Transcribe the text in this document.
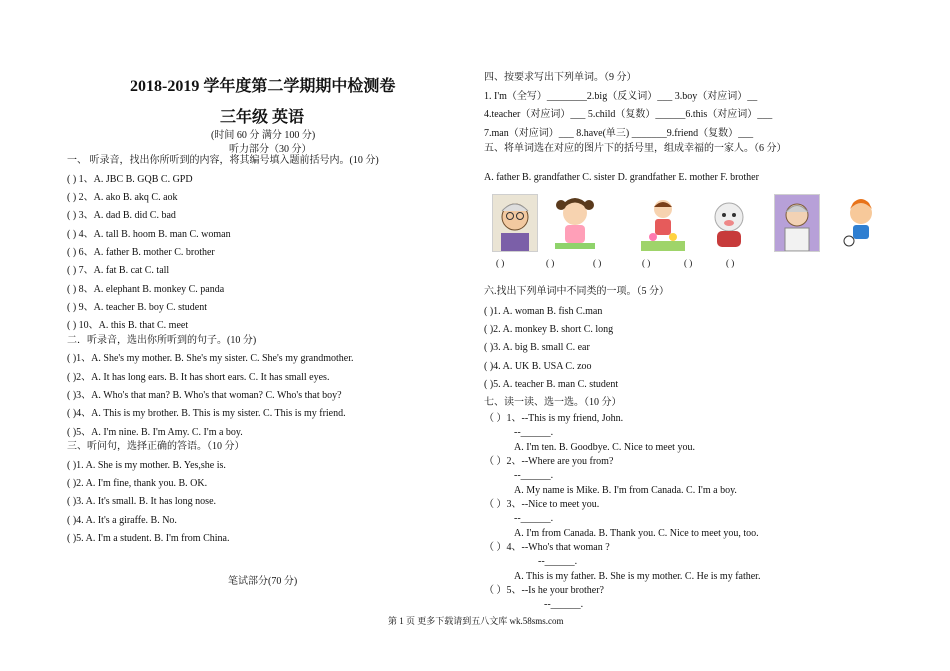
2018-2019 学年度第二学期期中检测卷
三年级 英语
(时间 60 分 满分 100 分)
听力部分（30 分）
一、 听录音，找出你所听到的内容，将其编号填入题前括号内。(10 分)
( ) 1、A. JBC B. GQB C. GPD
( ) 2、A. ako B. akq C. aok
( ) 3、A. dad B. did C. bad
( ) 4、A. tall B. hoom B. man C. woman
( ) 6、A. father B. mother C. brother
( ) 7、A. fat B. cat C. tall
( ) 8、A. elephant B. monkey C. panda
( ) 9、A. teacher B. boy C. student
( ) 10、A. this B. that C. meet
二．听录音，选出你所听到的句子。(10 分)
( )1、A. She's my mother. B. She's my sister. C. She's my grandmother.
( )2、A. It has long ears. B. It has short ears. C. It has small eyes.
( )3、A. Who's that man? B. Who's that woman? C. Who's that boy?
( )4、A. This is my brother. B. This is my sister. C. This is my friend.
( )5、A. I'm nine. B. I'm Amy. C. I'm a boy.
三、听问句，选择正确的答语。（10 分）
( )1. A. She is my mother. B. Yes,she is.
( )2. A. I'm fine, thank you. B. OK.
( )3. A. It's small. B. It has long nose.
( )4. A. It's a giraffe. B. No.
( )5. A. I'm a student. B. I'm from China.
笔试部分(70 分)
四、按要求写出下列单词。（9 分）
1. I'm（全写）________2.big（反义词）___ 3.boy（对应词）__
4.teacher（对应词）___ 5.child（复数）______6.this（对应词）___
7.man（对应词）___ 8.have(单三) _______9.friend（复数）___
五、将单词选在对应的图片下的括号里，组成幸福的一家人。（6 分）
A. father B. grandfather C. sister D. grandfather E. mother F. brother
( )	( )	( )	( )	( )	( )
六.找出下列单词中不同类的一项。（5 分）
( )1. A. woman B. fish C.man
( )2. A. monkey B. short C. long
( )3. A. big B. small C. ear
( )4. A. UK B. USA C. zoo
( )5. A. teacher B. man C. student
七、读一读、选一选。（10 分）
（ ）1、--This is my friend, John.
--______.
A. I'm ten. B. Goodbye. C. Nice to meet you.
（ ）2、--Where are you from?
--______.
A. My name is Mike. B. I'm from Canada. C. I'm a boy.
（ ）3、--Nice to meet you.
--______.
A. I'm from Canada. B. Thank you. C. Nice to meet you, too.
（ ）4、--Who's that woman ?
--______.
A. This is my father. B. She is my mother. C. He is my father.
（ ）5、--Is he your brother?
--______.
第 1 页 更多下载请到五八文库 wk.58sms.com
